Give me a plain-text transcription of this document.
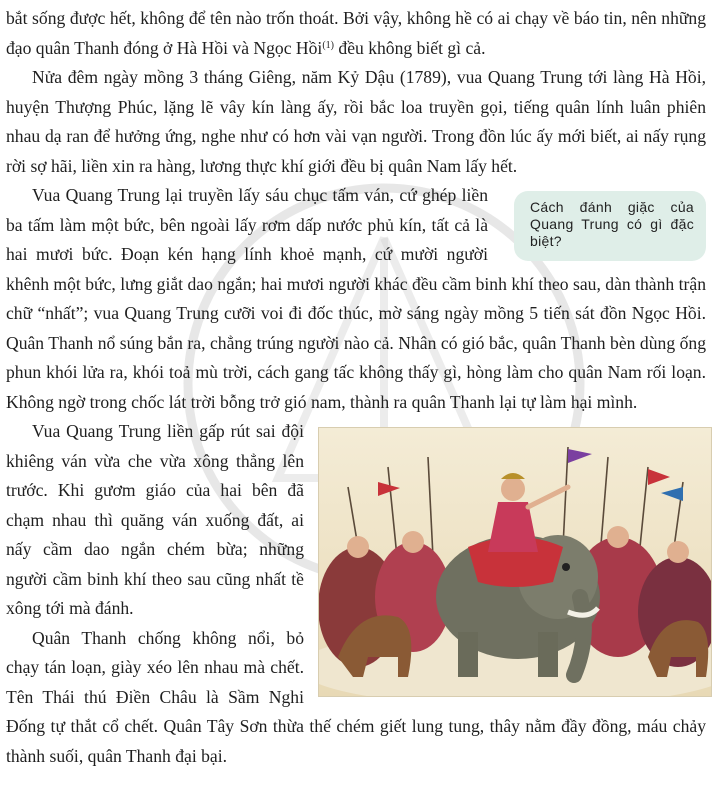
bắt sống được hết, không để tên nào trốn thoát. Bởi vậy, không hề có ai chạy về báo tin, nên những đạo quân Thanh đóng ở Hà Hồi và Ngọc Hồi$^{(1)}$ đều không biết gì cả.

Nửa đêm ngày mồng 3 tháng Giêng, năm Kỷ Dậu (1789), vua Quang Trung tới làng Hà Hồi, huyện Thượng Phúc, lặng lẽ vây kín làng ấy, rồi bắc loa truyền gọi, tiếng quân lính luân phiên nhau dạ ran để hưởng ứng, nghe như có hơn vài vạn người. Trong đồn lúc ấy mới biết, ai nấy rụng rời sợ hãi, liền xin ra hàng, lương thực khí giới đều bị quân Nam lấy hết.

Cách đánh giặc của Quang Trung có gì đặc biệt?

Vua Quang Trung lại truyền lấy sáu chục tấm ván, cứ ghép liền ba tấm làm một bức, bên ngoài lấy rơm dấp nước phủ kín, tất cả là hai mươi bức. Đoạn kén hạng lính khoẻ mạnh, cứ mười người khênh một bức, lưng giắt dao ngắn; hai mươi người khác đều cầm binh khí theo sau, dàn thành trận chữ “nhất”; vua Quang Trung cưỡi voi đi đốc thúc, mờ sáng ngày mồng 5 tiến sát đồn Ngọc Hồi. Quân Thanh nổ súng bắn ra, chẳng trúng người nào cả. Nhân có gió bắc, quân Thanh bèn dùng ống phun khói lửa ra, khói toả mù trời, cách gang tấc không thấy gì, hòng làm cho quân Nam rối loạn. Không ngờ trong chốc lát trời bỗng trở gió nam, thành ra quân Thanh lại tự làm hại mình.

Vua Quang Trung liền gấp rút sai đội khiêng ván vừa che vừa xông thẳng lên trước. Khi gươm giáo của hai bên đã chạm nhau thì quăng ván xuống đất, ai nấy cầm dao ngắn chém bừa; những người cầm binh khí theo sau cũng nhất tề xông tới mà đánh.

Quân Thanh chống không nổi, bỏ chạy tán loạn, giày xéo lên nhau mà chết. Tên Thái thú Điền Châu là Sầm Nghi Đống tự thắt cổ chết. Quân Tây Sơn thừa thế chém giết lung tung, thây nằm đầy đồng, máu chảy thành suối, quân Thanh đại bại.
